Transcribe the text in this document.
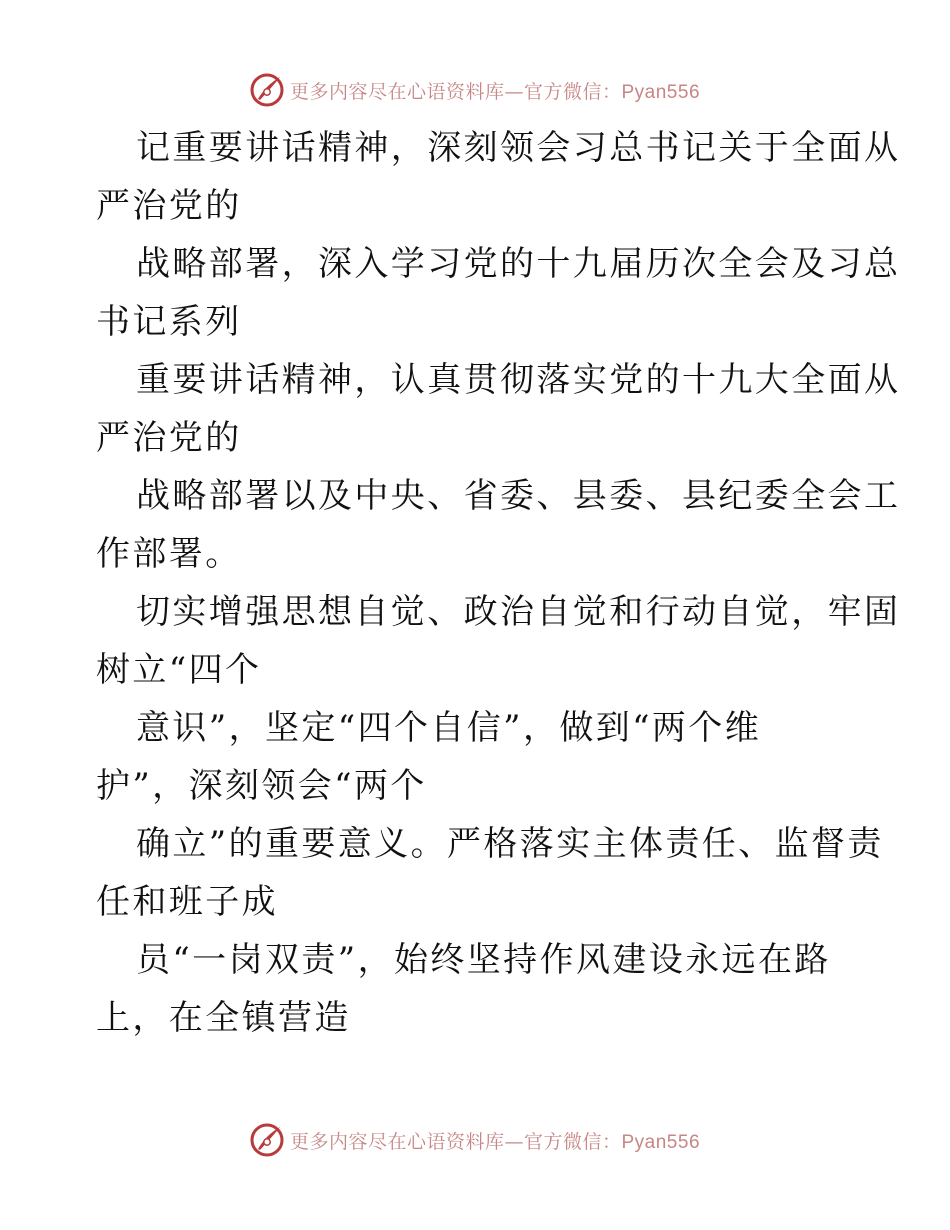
更多内容尽在心语资料库—官方微信：Pyan556
记重要讲话精神，深刻领会习总书记关于全面从
严治党的
战略部署，深入学习党的十九届历次全会及习总
书记系列
重要讲话精神，认真贯彻落实党的十九大全面从
严治党的
战略部署以及中央、省委、县委、县纪委全会工
作部署。
切实增强思想自觉、政治自觉和行动自觉，牢固
树立“四个
意识”，坚定“四个自信”，做到“两个维
护”，深刻领会“两个
确立”的重要意义。严格落实主体责任、监督责
任和班子成
员“一岗双责”，始终坚持作风建设永远在路
上，在全镇营造
更多内容尽在心语资料库—官方微信：Pyan556
